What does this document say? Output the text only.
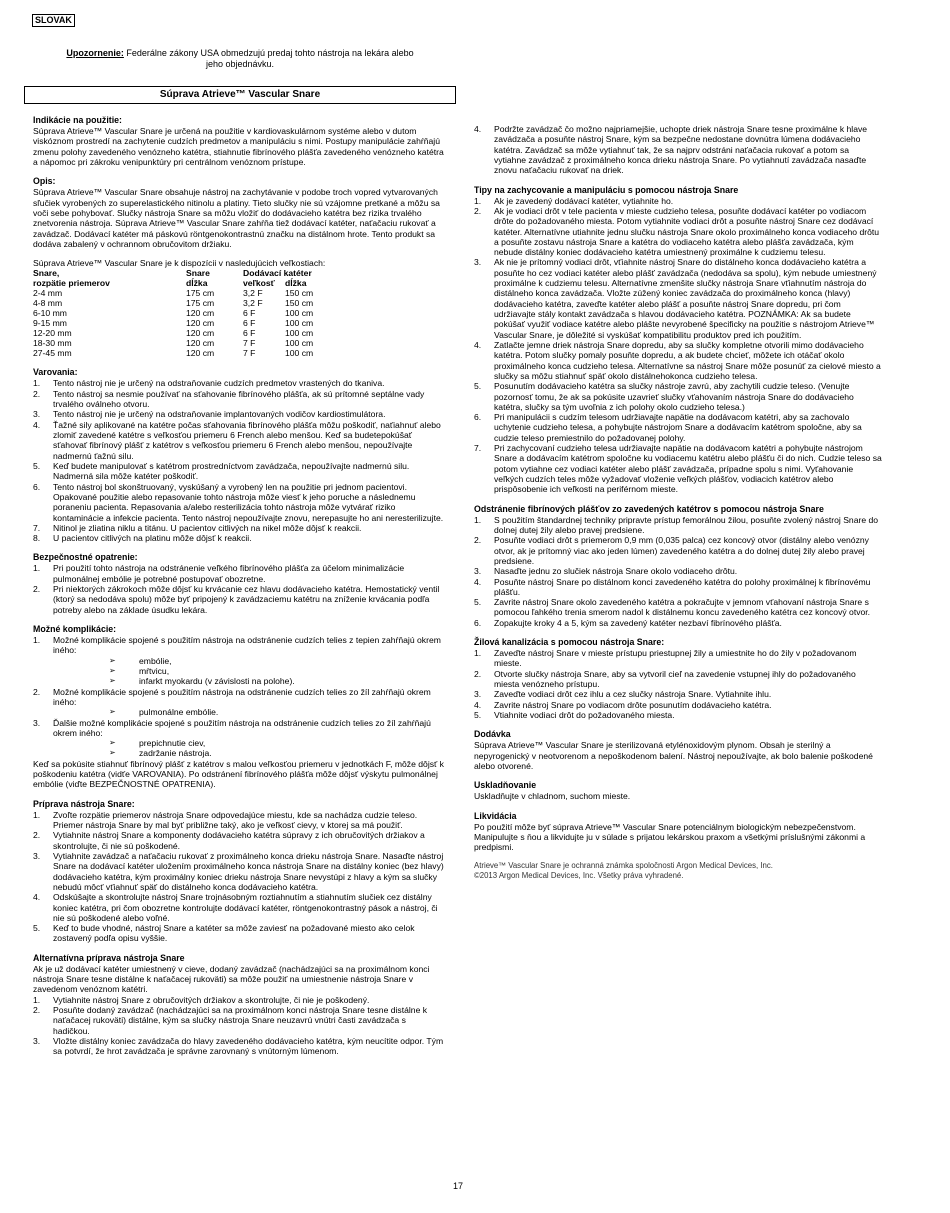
SLOVAK
Upozornenie: Federálne zákony USA obmedzujú predaj tohto nástroja na lekára alebo jeho objednávku.
Súprava Atrieve™ Vascular Snare
Indikácie na použitie:

Súprava Atrieve™ Vascular Snare je určená na použitie v kardiovaskulárnom systéme alebo v dutom viskóznom prostredí na zachytenie cudzích predmetov a manipuláciu s nimi. Postupy manipulácie zahŕňajú zmenu polohy zavedeného venózneho katétra, stiahnutie fibrínového plášťa zavedeného venózneho katétra a nápomoc pri zákroku venipunktúry pri centrálnom venóznom prístupe.

Opis:

Súprava Atrieve™ Vascular Snare obsahuje nástroj na zachytávanie v podobe troch vopred vytvarovaných sľučiek vyrobených zo superelastického nitinolu a platiny. Tieto slučky nie sú vzájomne pretkané a môžu sa voči sebe pohybovať. Slučky nástroja Snare sa môžu vložiť do dodávacieho katétra bez rizika trvalého znetvorenia nástroja. Súprava Atrieve™ Vascular Snare zahŕňa tiež dodávací katéter, naťačaciu rukovať a zavádzač. Dodávací katéter má páskovú röntgenokontrastnú značku na distálnom hrote. Tento produkt sa dodáva zabalený v ochrannom obručovitom držiaku.

Súprava Atrieve™ Vascular Snare je k dispozícii v nasledujúcich veľkostiach:

Snare,	Snare	Dodávací katéter	
rozpätie priemerov	dĺžka	veľkosť	dĺžka
2-4 mm	175 cm	3,2 F	150 cm
4-8 mm	175 cm	3,2 F	150 cm
6-10 mm	120 cm	6 F	100 cm
9-15 mm	120 cm	6 F	100 cm
12-20 mm	120 cm	6 F	100 cm
18-30 mm	120 cm	7 F	100 cm
27-45 mm	120 cm	7 F	100 cm
Varovania:
1. Tento nástroj nie je určený na odstraňovanie cudzích predmetov vrastených do tkaniva.
2. Tento nástroj sa nesmie používať na sťahovanie fibrínového plášťa, ak sú prítomné septálne vady trvalého oválneho otvoru.
3. Tento nástroj nie je určený na odstraňovanie implantovaných vodičov kardiostimulátora.
4. Ťažné sily aplikované na katétre počas sťahovania fibrínového plášťa môžu poškodiť, naťiahnuť alebo zlomiť zavedené katétre s veľkosťou priemeru 6 French alebo menšou. Keď sa budetepokúšať sťahovať fibrínový plášť z katétrov s veľkosťou priemeru 6 French alebo menšou, nepoužívajte nadmernú ťažnú silu.
5. Keď budete manipulovať s katétrom prostredníctvom zavádzača, nepoužívajte nadmernú silu. Nadmerná sila môže katéter poškodiť.
6. Tento nástroj bol skonštruovaný, vyskúšaný a vyrobený len na použitie pri jednom pacientovi. Opakované použitie alebo repasovanie tohto nástroja môže viesť k jeho poruche a následnemu poraneniu pacienta. Repasovania a/alebo resterilizácia tohto nástroja môže vytvárať riziko kontaminácie a infekcie pacienta. Tento nástroj nepoužívajte znovu, nerepasujte ho ani neresterilizujte.
7. Nitinol je zliatina niklu a titánu. U pacientov citlivých na nikel môže dôjsť k reakcii.
8. U pacientov citlivých na platinu môže dôjsť k reakcii.
Bezpečnostné opatrenie:
1. Pri použití tohto nástroja na odstránenie veľkého fibrínového plášťa za účelom minimalizácie pulmonálnej embólie je potrebné postupovať obozretne.
2. Pri niektorých zákrokoch môže dôjsť ku krvácanie cez hlavu dodávacieho katétra. Hemostatický ventil (ktorý sa nedodáva spolu) môže byť pripojený k zavádzaciemu katétru na zníženie krvácania podľa potreby alebo na základe úsudku lekára.
Možné komplikácie:
1. Možné komplikácie spojené s použitím nástroja na odstránenie cudzích telies z tepien zahŕňajú okrem iného:
➢ embólie,
➢ mŕtvicu,
➢ infarkt myokardu (v závislosti na polohe).
2. Možné komplikácie spojené s použitím nástroja na odstránenie cudzích telies zo žíl zahŕňajú okrem iného:
➢ pulmonálne embólie.
3. Ďalšie možné komplikácie spojené s použitím nástroja na odstránenie cudzích telies zo žíl zahŕňajú okrem iného:
➢ prepichnutie ciev,
➢ zadržanie nástroja.

Keď sa pokúsite stiahnuť fibrínový plášť z katétrov s malou veľkosťou priemeru v jednotkách F, môže dôjsť k poškodeniu katétra (vidťe VAROVANIA). Po odstránení fibrínového plášťa môže dôjsť výskytu pulmonálnej embólie (viďte BEZPEČNOSTNÉ OPATRENIA).

Príprava nástroja Snare:
1. Zvoľte rozpätie priemerov nástroja Snare odpovedajúce miestu, kde sa nachádza cudzie teleso. Priemer nástroja Snare by mal byť približne taký, ako je veľkosť cievy, v ktorej sa má použiť.
2. Vytiahnite nástroj Snare a komponenty dodávacieho katétra súpravy z ich obručovitých držiakov a skontrolujte, či nie sú poškodené.
3. Vytiahnite zavádzač a naťačaciu rukovať z proximálneho konca drieku nástroja Snare. Nasaďte nástroj Snare na dodávací katéter uložením proximálneho konca nástroja Snare na distálny koniec (bez hlavy) dodávacieho katétra, kým proximálny koniec drieku nástroja Snare nevystúpi z hlavy a kým sa slučky nebudú môcť vťiahnuť späť do distálneho konca dodávacieho katétra.
4. Odskúšajte a skontrolujte nástroj Snare trojnásobným roztiahnutím a stiahnutím slučiek cez distálny koniec katétra, pri čom obozretne kontrolujte dodávací katéter, röntgenokontrastný pások a nástroj, či nie sú poškodené alebo voľné.
5. Keď to bude vhodné, nástroj Snare a katéter sa môže zaviesť na požadované miesto ako celok zostavený podľa opisu vyššie.
Alternatívna príprava nástroja Snare

Ak je už dodávací katéter umiestnený v cieve, dodaný zavádzač (nachádzajúci sa na proximálnom konci nástroja Snare tesne distálne k naťačacej rukoväti) sa môže použiť na umiestnenie nástroja Snare v zavedenom venóznom katétri.

1. Vytiahnite nástroj Snare z obručovitých držiakov a skontrolujte, či nie je poškodený.
2. Posuňte dodaný zavádzač (nachádzajúci sa na proximálnom konci nástroja Snare tesne distálne k naťačacej rukoväti) distálne, kým sa slučky nástroja Snare neuzavrú vnútri časti zavádzača s hadičkou.
3. Vložte distálny koniec zavádzača do hlavy zavedeného dodávacieho katétra, kým neucítite odpor. Tým sa potvrdí, že hrot zavádzača je správne zarovnaný s vnútorným lúmenom.
4. Podržte zavádzač čo možno najpriamejšie, uchopte driek nástroja Snare tesne proximálne k hlave zavádzača a posuňte nástroj Snare, kým sa bezpečne nedostane dovnútra lúmena dodávacieho katétra. Zavádzač sa môže vytiahnuť tak, že sa najprv odstráni naťačacia rukovať a potom sa vytiahne zavádzač z proximálneho konca drieku nástroja Snare. Po vytiahnutí zavádzača nasaďte znovu naťačaciu rukovať na driek.
Tipy na zachycovanie a manipuláciu s pomocou nástroja Snare
1. Ak je zavedený dodávací katéter, vytiahnite ho.
2. Ak je vodiaci drôt v tele pacienta v mieste cudzieho telesa, posuňte dodávací katéter po vodiacom drôte do požadovaného miesta. Potom vytiahnite vodiaci drôt a posuňte nástroj Snare cez dodávací katéter. Alternatívne utiahnite jednu slučku nástroja Snare okolo proximálneho konca vodiaceho drôtu a posuňte zostavu nástroja Snare a katétra do vodiaceho katétra alebo plášťa zavádzača, kým nebude distálny koniec dodávacieho katétra umiestnený proximálne k cudziemu telesu.
3. Ak nie je prítomný vodiaci drôt, vťiahnite nástroj Snare do distálneho konca dodávacieho katétra a posuňte ho cez vodiaci katéter alebo plášť zavádzača (nedodáva sa spolu), kým nebude umiestnený proximálne k cudziemu telesu. Alternatívne zmenšite slučky nástroja Snare vťiahnutím nástroja do distálneho konca zavádzača. Vložte zúžený koniec zavádzača do proximálneho konca (hlavy) dodávacieho katétra, zaveďte katéter alebo plášť a posuňte nástroj Snare dopredu, pri čom udržiavajte stály kontakt zavádzača s hlavou dodávacieho katétra. POZNÁMKA: Ak sa budete pokúšať využiť vodiace katétre alebo plášte nevyrobené špecificky na použitie s nástrojom Atrieve™ Vascular Snare, je dôležité si vyskúšať kompatibilitu produktov pred ich použitím.
4. Zatlačte jemne driek nástroja Snare dopredu, aby sa slučky kompletne otvorili mimo dodávacieho katétra. Potom slučky pomaly posuňte dopredu, a ak budete chcieť, môžete ich otáčať okolo proximálneho konca cudzieho telesa. Alternatívne sa nástroj Snare môže posunúť za cielové miesto a slučky sa môžu stiahnuť späť okolo distálnehokonca cudzieho telesa.
5. Posunutím dodávacieho katétra sa slučky nástroje zavrú, aby zachytili cudzie teleso. (Venujte pozornosť tomu, že ak sa pokúsite uzavrieť slučky vťahovaním nástroja Snare do dodávacieho katétra, slučky sa tým uvoľnia z ich polohy okolo cudzieho telesa.)
6. Pri manipulácii s cudzím telesom udržiavajte napätie na dodávacom katétri, aby sa zachovalo uchytenie cudzieho telesa, a pohybujte nástrojom Snare a dodávacím katétrom spoločne, aby sa cudzie teleso premiestnilo do požadovanej polohy.
7. Pri zachycovaní cudzieho telesa udržiavajte napätie na dodávacom katétri a pohybujte nástrojom Snare a dodávacím katétrom spoločne ku vodiacemu katétru alebo plášťu či do nich. Cudzie teleso sa potom vytiahne cez vodiaci katéter alebo plášť zavádzača, prípadne spolu s nimi. Vyťahovanie veľkých cudzích teles môže vyžadovať vloženie veľkých plášťov, vodiacich katétrov alebo prispôsobenie ich veľkosti na periférnom mieste.
Odstránenie fibrínových plášťov zo zavedených katétrov s pomocou nástroja Snare
1. S použitím štandardnej techniky pripravte prístup femorálnou žilou, posuňte zvolený nástroj Snare do dolnej dutej žily alebo pravej predsiene.
2. Posuňte vodiaci drôt s priemerom 0,9 mm (0,035 palca) cez koncový otvor (distálny alebo venózny otvor, ak je prítomný viac ako jeden lúmen) zavedeného katétra a do dolnej dutej žily alebo pravej predsiene.
3. Nasaďte jednu zo slučiek nástroja Snare okolo vodiaceho drôtu.
4. Posuňte nástroj Snare po distálnom konci zavedeného katétra do polohy proximálnej k fibrínovému plášťu.
5. Zavrite nástroj Snare okolo zavedeného katétra a pokračujte v jemnom vťahovaní nástroja Snare s pomocou ľahkého trenia smerom nadol k distálnemu koncu zavedeného katétra cez koncový otvor.
6. Zopakujte kroky 4 a 5, kým sa zavedený katéter nezbaví fibrínového plášťa.
Žilová kanalizácia s pomocou nástroja Snare:
1. Zaveďte nástroj Snare v mieste prístupu priestupnej žily a umiestnite ho do žily v požadovanom mieste.
2. Otvorte slučky nástroja Snare, aby sa vytvoril cieľ na zavedenie vstupnej ihly do požadovaného miesta venózneho prístupu.
3. Zaveďte vodiaci drôt cez ihlu a cez slučky nástroja Snare. Vytiahnite ihlu.
4. Zavrite nástroj Snare po vodiacom drôte posunutím dodávacieho katétra.
5. Vtiahnite vodiaci drôt do požadovaného miesta.
Dodávka

Súprava Atrieve™ Vascular Snare je sterilizovaná etylénoxidovým plynom. Obsah je sterilný a nepyrogenický v neotvorenom a nepoškodenom balení. Nástroj nepoužívajte, ak bolo balenie poškodené alebo otvorené.

Uskladňovanie

Uskladňujte v chladnom, suchom mieste.

Likvidácia

Po použití môže byť súprava Atrieve™ Vascular Snare potenciálnym biologickým nebezpečenstvom. Manipulujte s ňou a likvidujte ju v súlade s prijatou lekárskou praxom a všetkými príslušnými zákonmi a predpismi.

Atrieve™ Vascular Snare je ochranná známka spoločnosti Argon Medical Devices, Inc.
©2013 Argon Medical Devices, Inc. Všetky práva vyhradené.
17
